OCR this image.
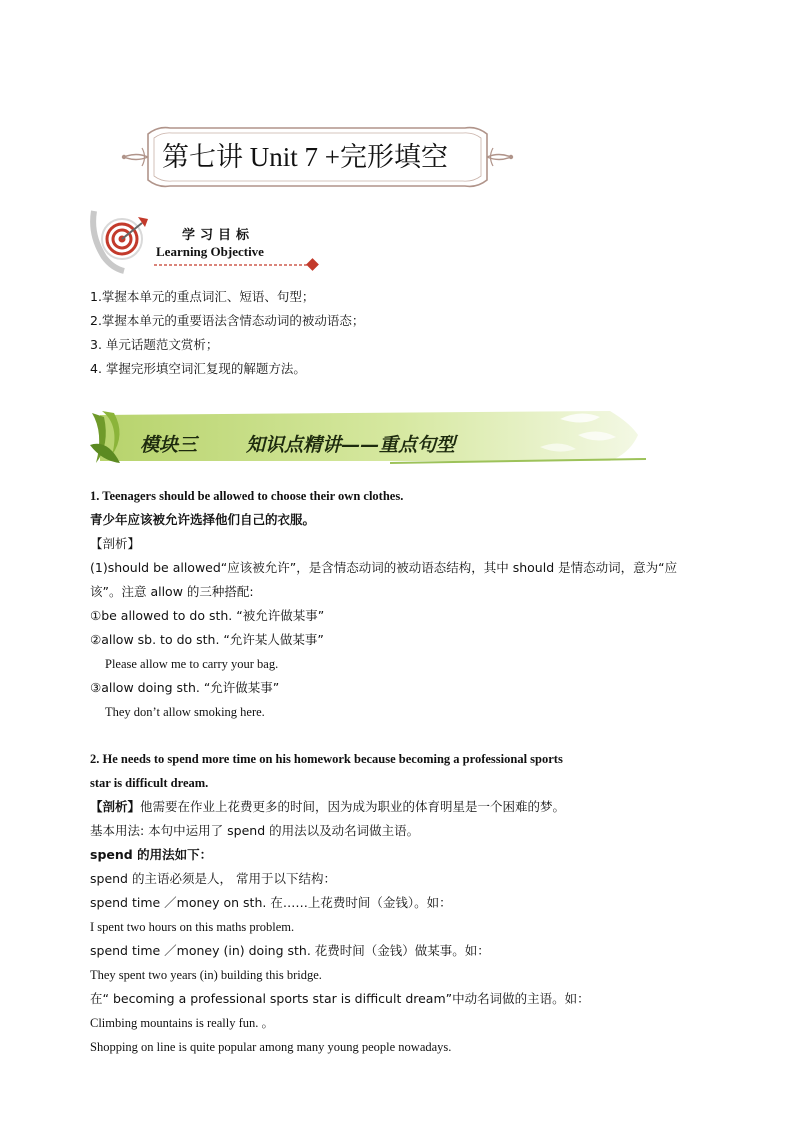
第七讲 Unit 7 +完形填空
学习目标
Learning Objective
1.掌握本单元的重点词汇、短语、句型；
2.掌握本单元的重要语法含情态动词的被动语态；
3. 单元话题范文赏析；
4. 掌握完形填空词汇复现的解题方法。
模块三	知识点精讲——重点句型
1. Teenagers should be allowed to choose their own clothes.
青少年应该被允许选择他们自己的衣服。
【剖析】
(1)should be allowed“应该被允许”，是含情态动词的被动语态结构，其中 should 是情态动词，意为“应
该”。注意 allow 的三种搭配:
①be allowed to do sth. “被允许做某事”
②allow sb. to do sth. “允许某人做某事”
Please allow me to carry your bag.
③allow doing sth. “允许做某事”
They don’t allow smoking here.
2. He needs to spend more time on his homework because becoming a professional sports
star is difficult dream.
【剖析】他需要在作业上花费更多的时间，因为成为职业的体育明星是一个困难的梦。
基本用法: 本句中运用了 spend 的用法以及动名词做主语。
spend 的用法如下：
spend 的主语必须是人， 常用于以下结构：
spend time ／money on sth. 在……上花费时间（金钱）。如：
I spent two hours on this maths problem.
spend time ／money (in) doing sth. 花费时间（金钱）做某事。如：
They spent two years (in) building this bridge.
在“ becoming a professional sports star is difficult dream”中动名词做的主语。如：
Climbing mountains is really fun. 。
Shopping on line is quite popular among many young people nowadays.
